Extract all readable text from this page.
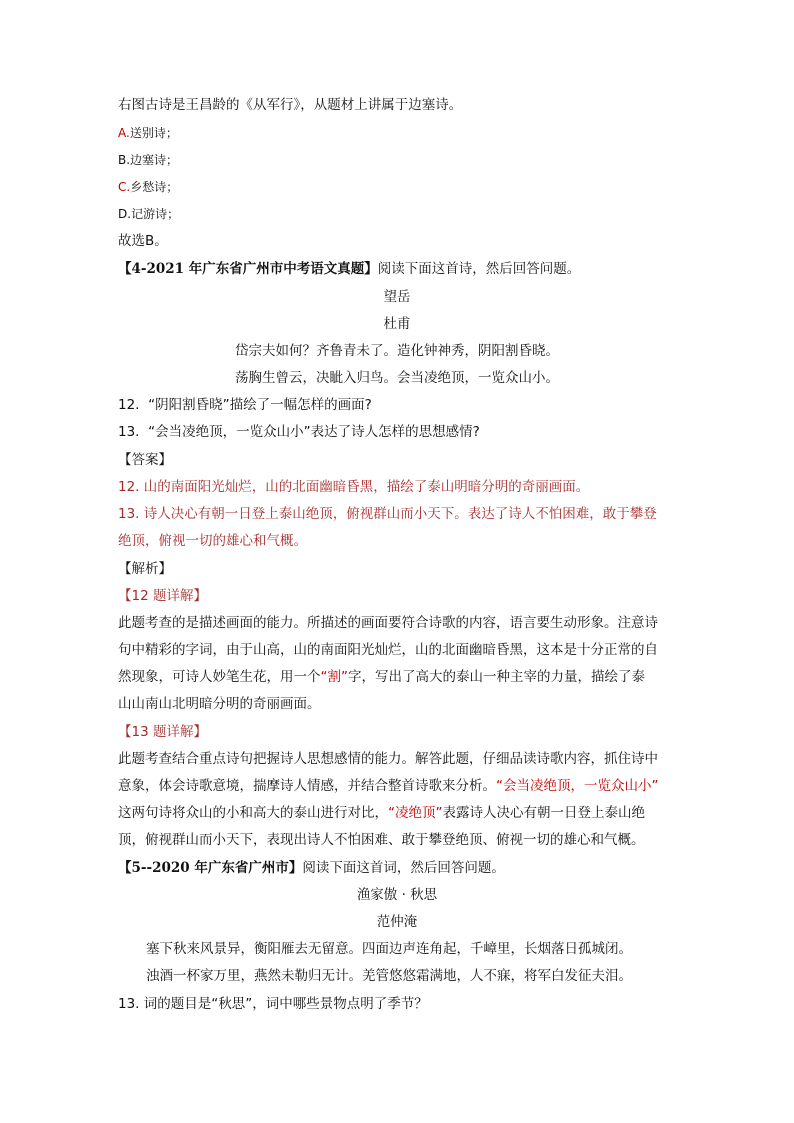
右图古诗是王昌龄的《从军行》，从题材上讲属于边塞诗。
A.送别诗；
B.边塞诗；
C.乡愁诗；
D.记游诗；
故选B。
【4-2021 年广东省广州市中考语文真题】阅读下面这首诗，然后回答问题。
望岳
杜甫
岱宗夫如何？齐鲁青未了。造化钟神秀，阴阳割昏晓。
荡胸生曾云，决眦入归鸟。会当凌绝顶，一览众山小。
12. “阴阳割昏晓”描绘了一幅怎样的画面?
13. “会当凌绝顶，一览众山小”表达了诗人怎样的思想感情?
【答案】
12. 山的南面阳光灿烂，山的北面幽暗昏黑，描绘了泰山明暗分明的奇丽画面。
13. 诗人决心有朝一日登上泰山绝顶，俯视群山而小天下。表达了诗人不怕困难，敢于攀登
绝顶，俯视一切的雄心和气概。
【解析】
【12 题详解】
此题考查的是描述画面的能力。所描述的画面要符合诗歌的内容，语言要生动形象。注意诗
句中精彩的字词，由于山高，山的南面阳光灿烂，山的北面幽暗昏黑，这本是十分正常的自
然现象，可诗人妙笔生花，用一个“割”字，写出了高大的泰山一种主宰的力量，描绘了泰
山山南山北明暗分明的奇丽画面。
【13 题详解】
此题考查结合重点诗句把握诗人思想感情的能力。解答此题，仔细品读诗歌内容，抓住诗中
意象，体会诗歌意境，揣摩诗人情感，并结合整首诗歌来分析。“会当凌绝顶，一览众山小”
这两句诗将众山的小和高大的泰山进行对比，“凌绝顶”表露诗人决心有朝一日登上泰山绝
顶，俯视群山而小天下，表现出诗人不怕困难、敢于攀登绝顶、俯视一切的雄心和气概。
【5--2020 年广东省广州市】阅读下面这首词，然后回答问题。
渔家傲 · 秋思
范仲淹
塞下秋来风景异，衡阳雁去无留意。四面边声连角起，千嶂里，长烟落日孤城闭。
浊酒一杯家万里，燕然未勒归无计。羌管悠悠霜满地，人不寐，将军白发征夫泪。
13. 词的题目是“秋思”，词中哪些景物点明了季节？
